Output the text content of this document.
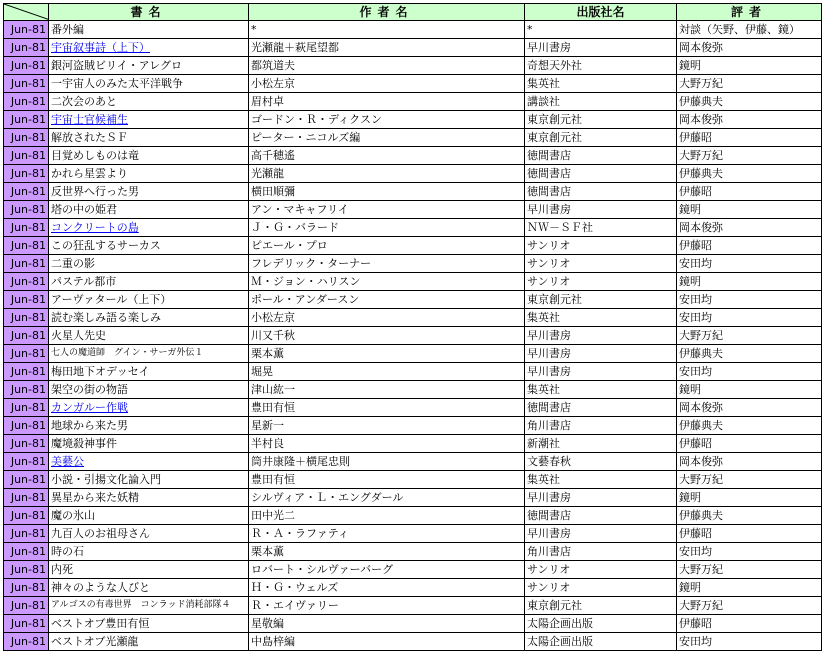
	書名	作者名	出版社名	評者
Jun-81	番外編	*	*	対談（矢野、伊藤、鏡）
Jun-81	宇宙叙事詩（上下）	光瀬龍＋萩尾望都	早川書房	岡本俊弥
Jun-81	銀河盗賊ビリイ・アレグロ	都筑道夫	奇想天外社	鏡明
Jun-81	一宇宙人のみた太平洋戦争	小松左京	集英社	大野万紀
Jun-81	二次会のあと	眉村卓	講談社	伊藤典夫
Jun-81	宇宙士官候補生	ゴードン・Ｒ・ディクスン	東京創元社	岡本俊弥
Jun-81	解放されたＳＦ	ピーター・ニコルズ編	東京創元社	伊藤昭
Jun-81	目覚めしものは竜	高千穂遙	徳間書店	大野万紀
Jun-81	かれら星雲より	光瀬龍	徳間書店	伊藤典夫
Jun-81	反世界へ行った男	横田順彌	徳間書店	伊藤昭
Jun-81	塔の中の姫君	アン・マキャフリイ	早川書房	鏡明
Jun-81	コンクリートの島	Ｊ・Ｇ・バラード	ＮＷ－ＳＦ社	岡本俊弥
Jun-81	この狂乱するサーカス	ピエール・プロ	サンリオ	伊藤昭
Jun-81	二重の影	フレデリック・ターナー	サンリオ	安田均
Jun-81	パステル都市	Ｍ・ジョン・ハリスン	サンリオ	鏡明
Jun-81	アーヴァタール（上下）	ポール・アンダースン	東京創元社	安田均
Jun-81	読む楽しみ語る楽しみ	小松左京	集英社	安田均
Jun-81	火星人先史	川又千秋	早川書房	大野万紀
Jun-81	七人の魔道師　グイン・サーガ外伝１	栗本薫	早川書房	伊藤典夫
Jun-81	梅田地下オデッセイ	堀晃	早川書房	安田均
Jun-81	架空の街の物語	津山紘一	集英社	鏡明
Jun-81	カンガルー作戦	豊田有恒	徳間書店	岡本俊弥
Jun-81	地球から来た男	星新一	角川書店	伊藤典夫
Jun-81	魔境殺神事件	半村良	新潮社	伊藤昭
Jun-81	美藝公	筒井康隆＋横尾忠則	文藝春秋	岡本俊弥
Jun-81	小説・引揚文化論入門	豊田有恒	集英社	大野万紀
Jun-81	異星から来た妖精	シルヴィア・Ｌ・エングダール	早川書房	鏡明
Jun-81	魔の氷山	田中光二	徳間書店	伊藤典夫
Jun-81	九百人のお祖母さん	Ｒ・Ａ・ラファティ	早川書房	伊藤昭
Jun-81	時の石	栗本薫	角川書店	安田均
Jun-81	内死	ロバート・シルヴァーバーグ	サンリオ	大野万紀
Jun-81	神々のような人びと	Ｈ・Ｇ・ウェルズ	サンリオ	鏡明
Jun-81	アルゴスの有毒世界　コンラッド消耗部隊４	Ｒ・エイヴァリー	東京創元社	大野万紀
Jun-81	ベストオブ豊田有恒	星敬編	太陽企画出版	伊藤昭
Jun-81	ベストオブ光瀬龍	中島梓編	太陽企画出版	安田均
